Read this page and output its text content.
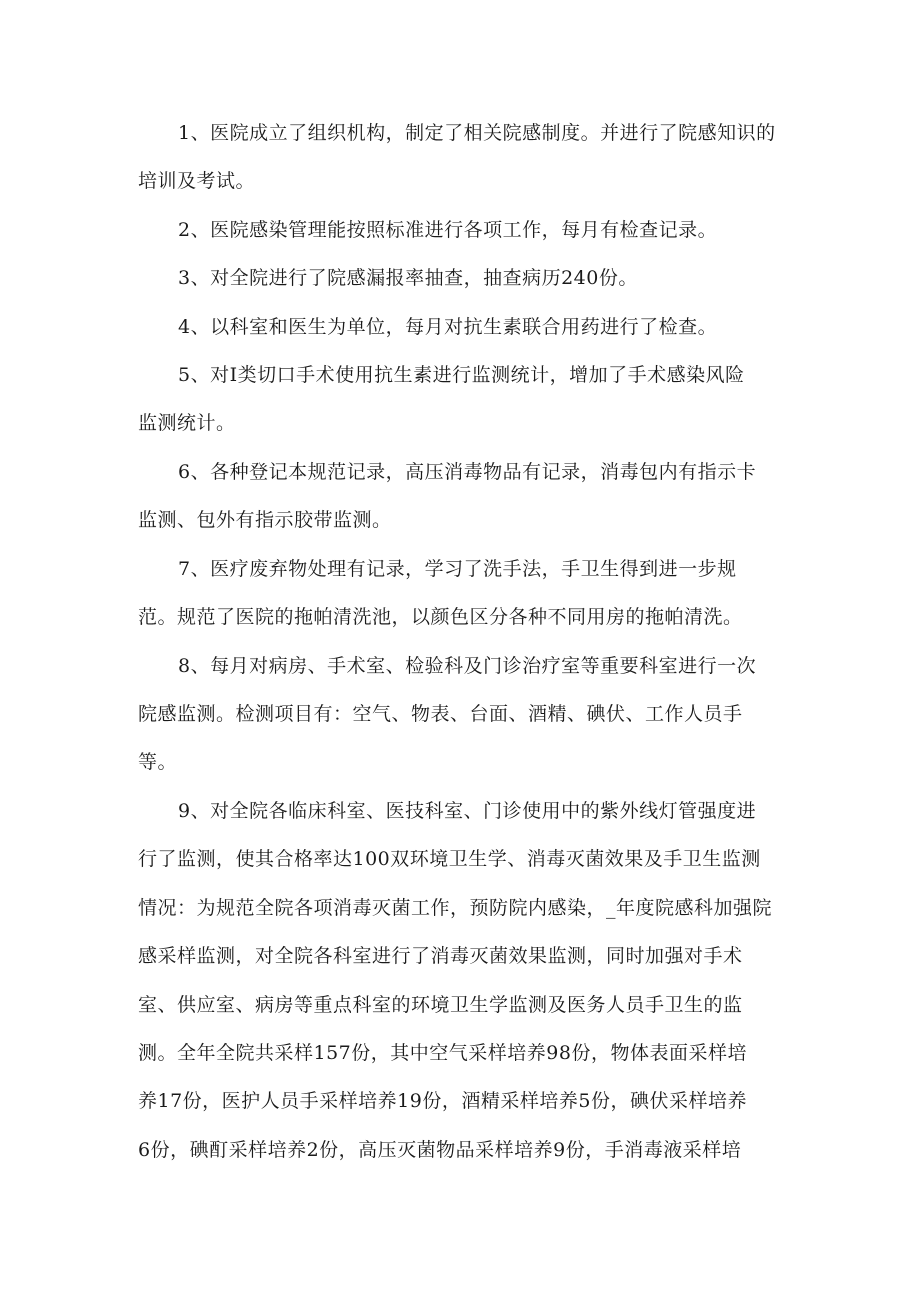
1、医院成立了组织机构，制定了相关院感制度。并进行了院感知识的
培训及考试。
2、医院感染管理能按照标准进行各项工作，每月有检查记录。
3、对全院进行了院感漏报率抽查，抽查病历240份。
4、以科室和医生为单位，每月对抗生素联合用药进行了检查。
5、对Ⅰ类切口手术使用抗生素进行监测统计，增加了手术感染风险
监测统计。
6、各种登记本规范记录，高压消毒物品有记录，消毒包内有指示卡
监测、包外有指示胶带监测。
7、医疗废弃物处理有记录，学习了洗手法，手卫生得到进一步规
范。规范了医院的拖帕清洗池，以颜色区分各种不同用房的拖帕清洗。
8、每月对病房、手术室、检验科及门诊治疗室等重要科室进行一次
院感监测。检测项目有：空气、物表、台面、酒精、碘伏、工作人员手
等。
9、对全院各临床科室、医技科室、门诊使用中的紫外线灯管强度进
行了监测，使其合格率达100双环境卫生学、消毒灭菌效果及手卫生监测
情况：为规范全院各项消毒灭菌工作，预防院内感染，_年度院感科加强院
感采样监测，对全院各科室进行了消毒灭菌效果监测，同时加强对手术
室、供应室、病房等重点科室的环境卫生学监测及医务人员手卫生的监
测。全年全院共采样157份，其中空气采样培养98份，物体表面采样培
养17份，医护人员手采样培养19份，酒精采样培养5份，碘伏采样培养
6份，碘酊采样培养2份，高压灭菌物品采样培养9份，手消毒液采样培
